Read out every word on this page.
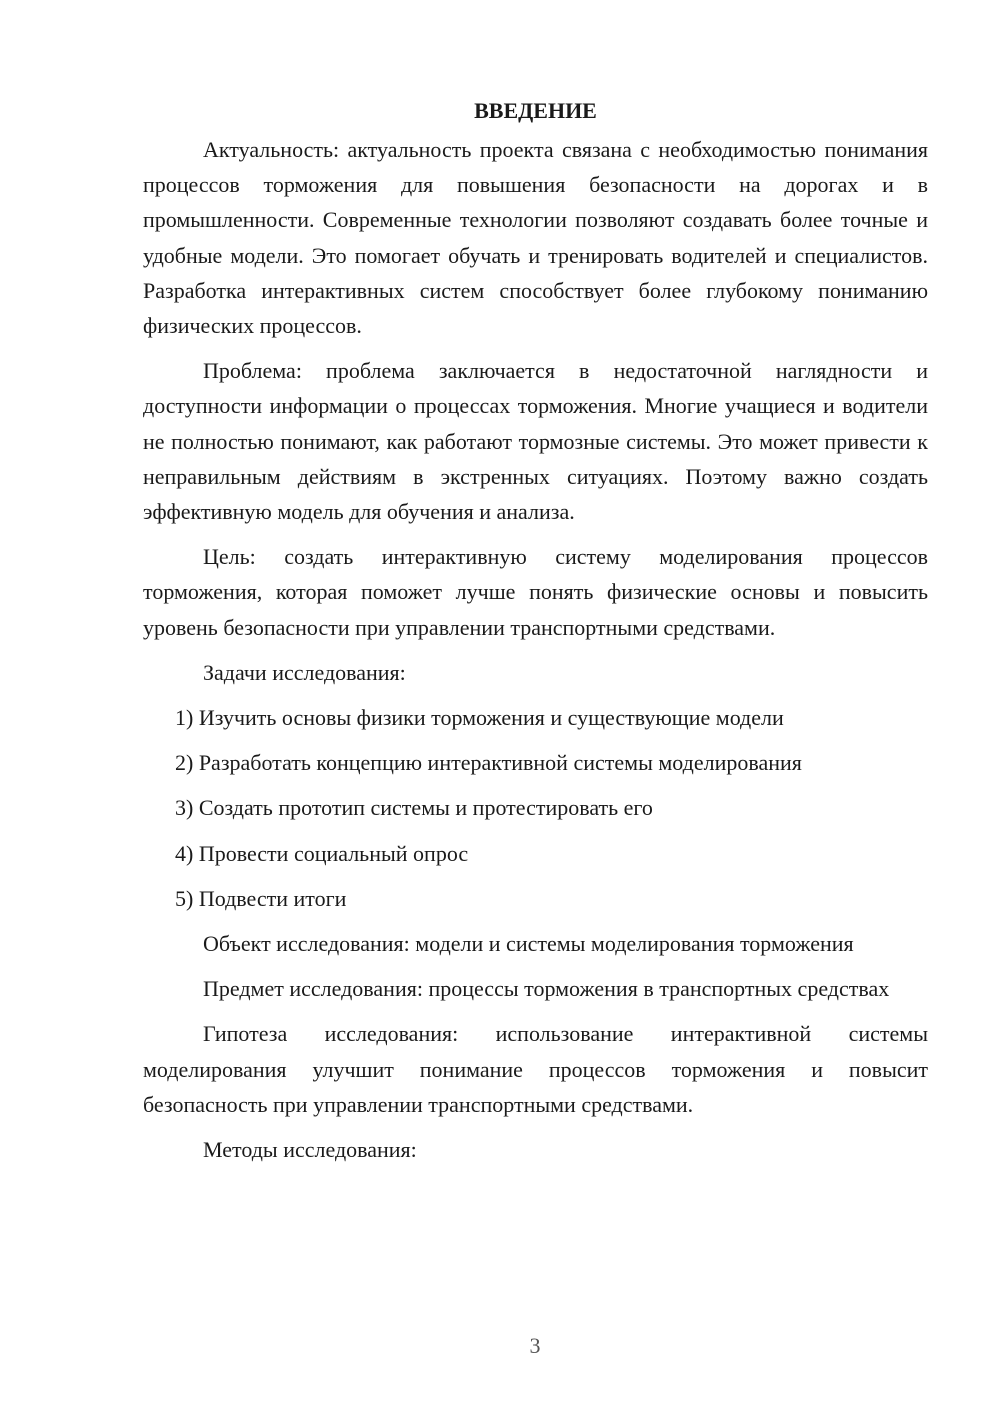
ВВЕДЕНИЕ

Актуальность: актуальность проекта связана с необходимостью понимания процессов торможения для повышения безопасности на дорогах и в промышленности. Современные технологии позволяют создавать более точные и удобные модели. Это помогает обучать и тренировать водителей и специалистов. Разработка интерактивных систем способствует более глубокому пониманию физических процессов.

Проблема: проблема заключается в недостаточной наглядности и доступности информации о процессах торможения. Многие учащиеся и водители не полностью понимают, как работают тормозные системы. Это может привести к неправильным действиям в экстренных ситуациях. Поэтому важно создать эффективную модель для обучения и анализа.

Цель: создать интерактивную систему моделирования процессов торможения, которая поможет лучше понять физические основы и повысить уровень безопасности при управлении транспортными средствами.

Задачи исследования:

1) Изучить основы физики торможения и существующие модели
2) Разработать концепцию интерактивной системы моделирования
3) Создать прототип системы и протестировать его
4) Провести социальный опрос
5) Подвести итоги

Объект исследования: модели и системы моделирования торможения

Предмет исследования: процессы торможения в транспортных средствах

Гипотеза исследования: использование интерактивной системы моделирования улучшит понимание процессов торможения и повысит безопасность при управлении транспортными средствами.

Методы исследования:

3
